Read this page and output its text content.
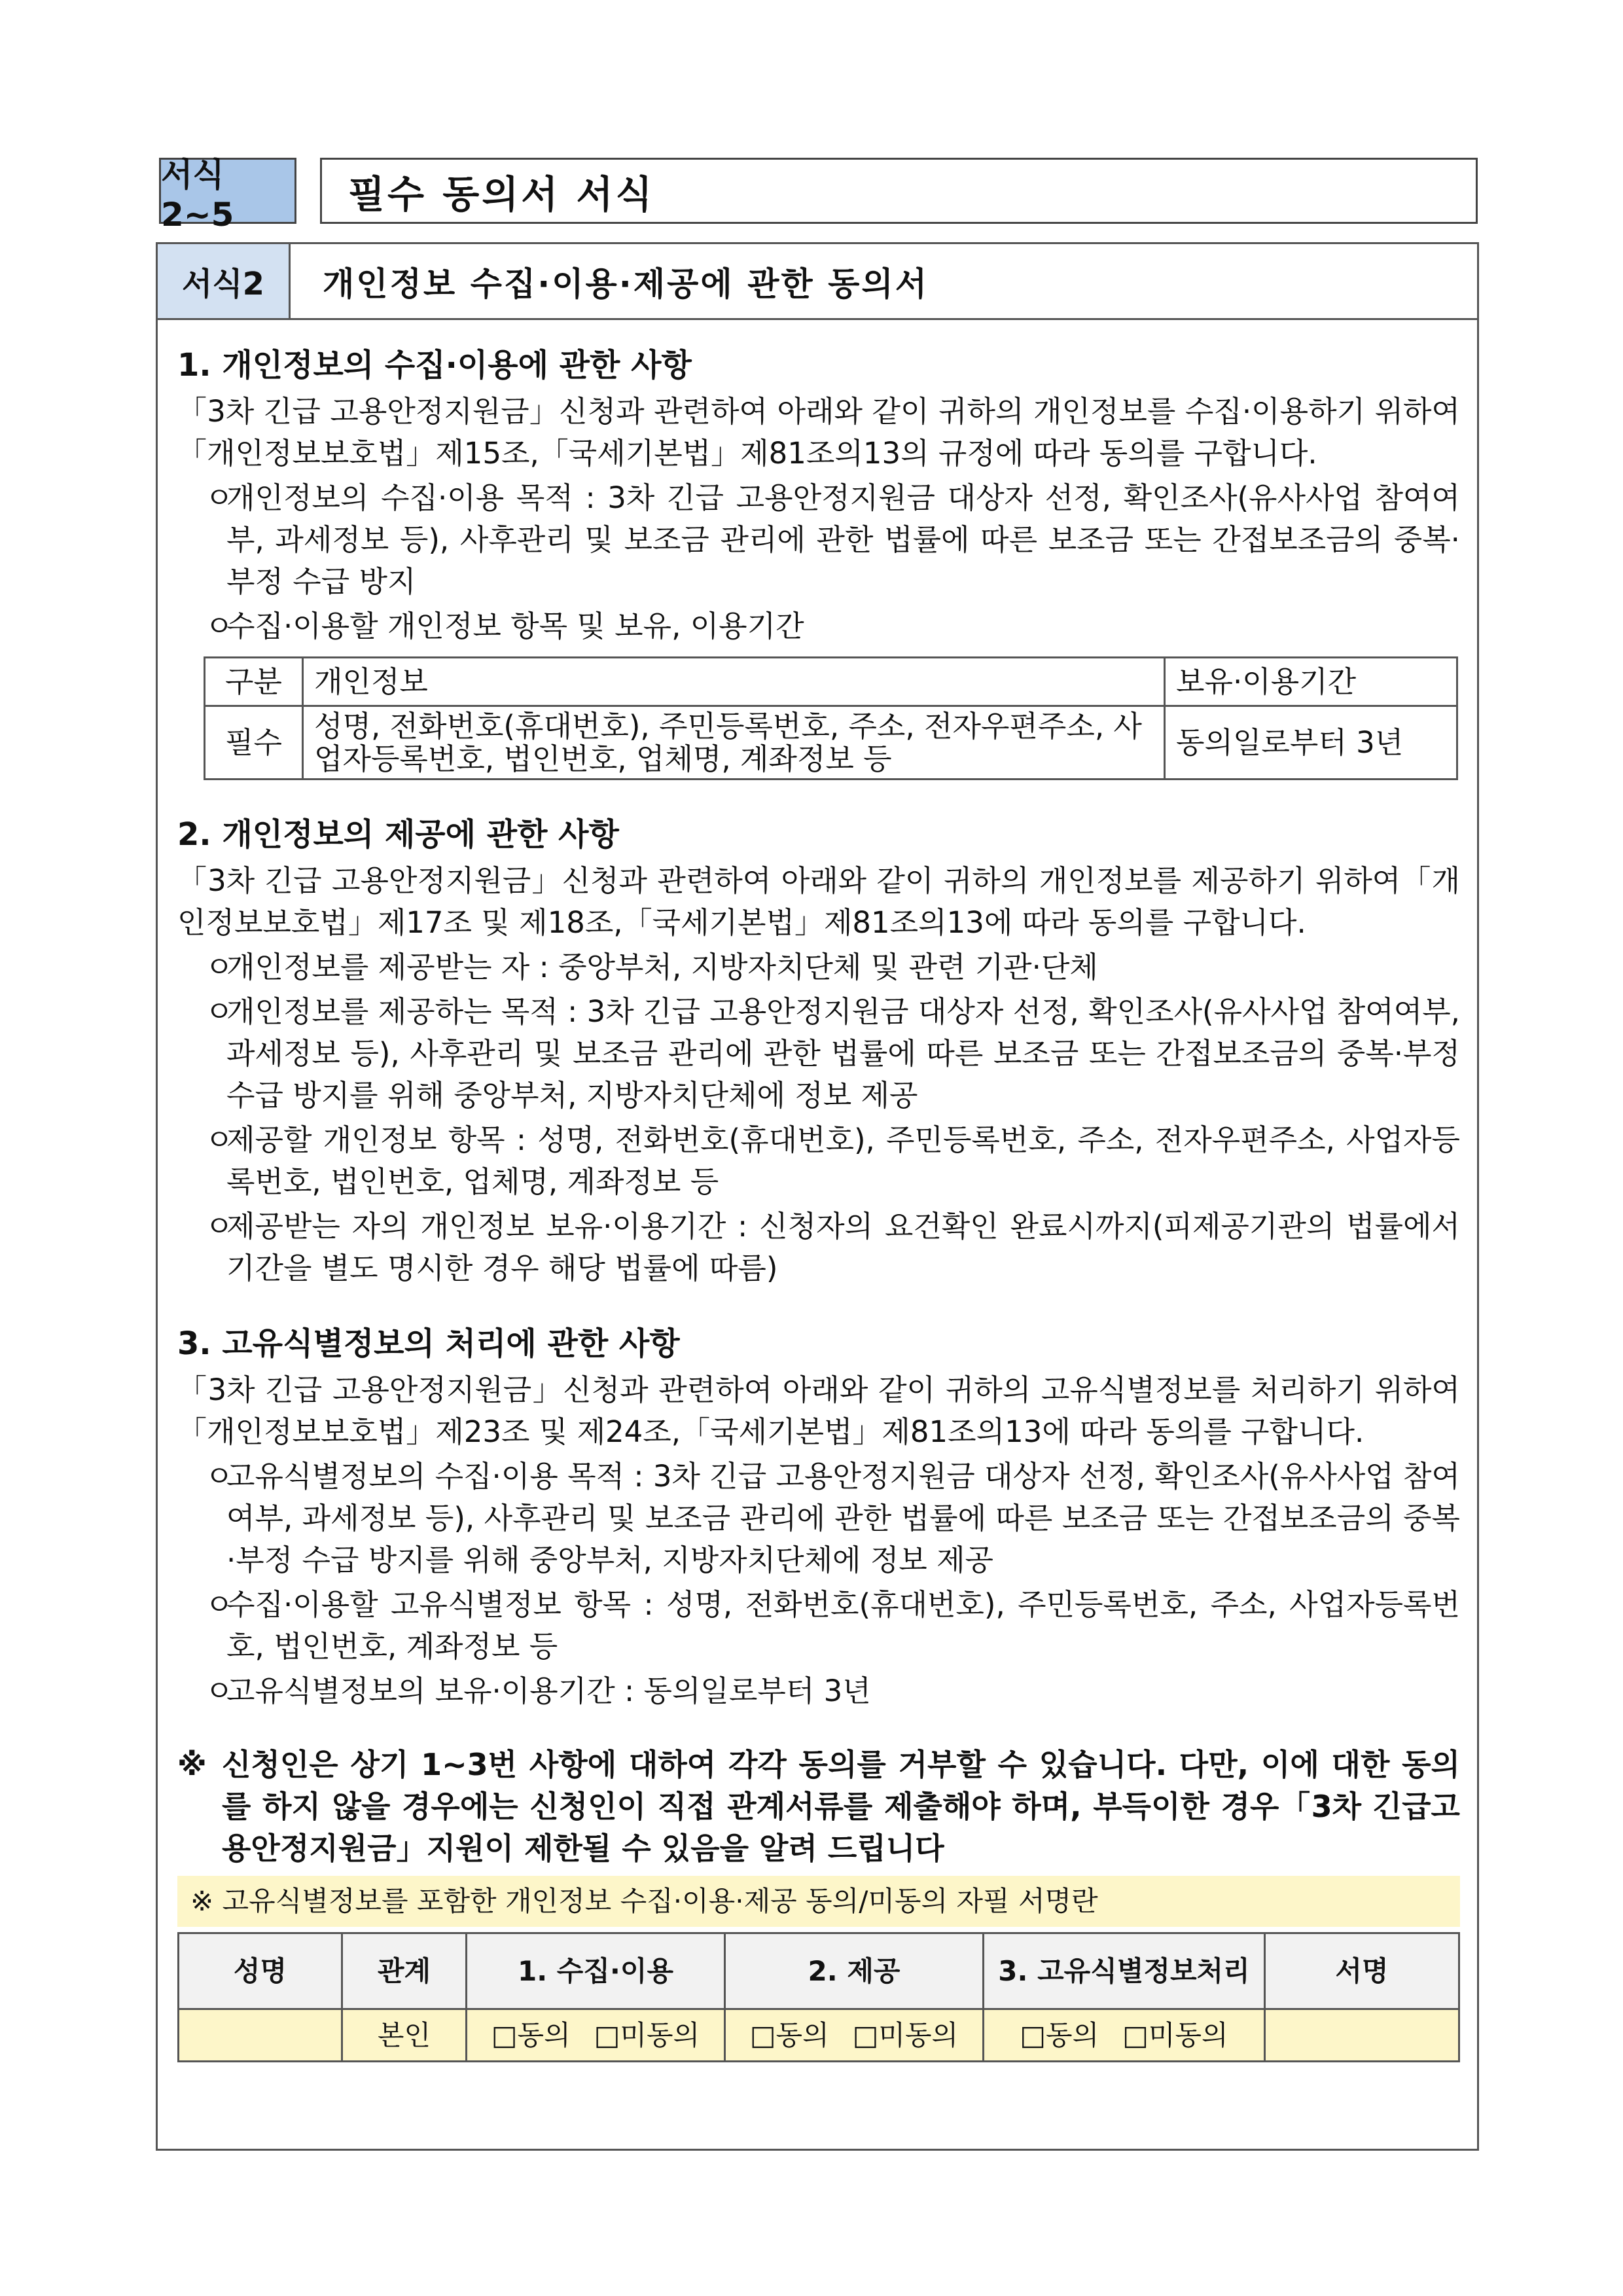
서식2~5	필수 동의서 서식
서식2	개인정보 수집·이용·제공에 관한 동의서
1. 개인정보의 수집·이용에 관한 사항
「3차 긴급 고용안정지원금」신청과 관련하여 아래와 같이 귀하의 개인정보를 수집·이용하기 위하여「개인정보보호법」제15조,「국세기본법」제81조의13의 규정에 따라 동의를 구합니다.
ㅇ
개인정보의 수집·이용 목적 : 3차 긴급 고용안정지원금 대상자 선정, 확인조사(유사사업 참여여부, 과세정보 등), 사후관리 및 보조금 관리에 관한 법률에 따른 보조금 또는 간접보조금의 중복·부정 수급 방지
ㅇ
수집·이용할 개인정보 항목 및 보유, 이용기간
구분	개인정보	보유·이용기간
필수	성명, 전화번호(휴대번호), 주민등록번호, 주소, 전자우편주소, 사업자등록번호, 법인번호, 업체명, 계좌정보 등	동의일로부터 3년
2. 개인정보의 제공에 관한 사항
「3차 긴급 고용안정지원금」신청과 관련하여 아래와 같이 귀하의 개인정보를 제공하기 위하여「개인정보보호법」제17조 및 제18조,「국세기본법」제81조의13에 따라 동의를 구합니다.
ㅇ
개인정보를 제공받는 자 : 중앙부처, 지방자치단체 및 관련 기관·단체
ㅇ
개인정보를 제공하는 목적 : 3차 긴급 고용안정지원금 대상자 선정, 확인조사(유사사업 참여여부, 과세정보 등), 사후관리 및 보조금 관리에 관한 법률에 따른 보조금 또는 간접보조금의 중복·부정 수급 방지를 위해 중앙부처, 지방자치단체에 정보 제공
ㅇ
제공할 개인정보 항목 : 성명, 전화번호(휴대번호), 주민등록번호, 주소, 전자우편주소, 사업자등록번호, 법인번호, 업체명, 계좌정보 등
ㅇ
제공받는 자의 개인정보 보유·이용기간 : 신청자의 요건확인 완료시까지(피제공기관의 법률에서 기간을 별도 명시한 경우 해당 법률에 따름)
3. 고유식별정보의 처리에 관한 사항
「3차 긴급 고용안정지원금」신청과 관련하여 아래와 같이 귀하의 고유식별정보를 처리하기 위하여「개인정보보호법」제23조 및 제24조,「국세기본법」제81조의13에 따라 동의를 구합니다.
ㅇ
고유식별정보의 수집·이용 목적 : 3차 긴급 고용안정지원금 대상자 선정, 확인조사(유사사업 참여여부, 과세정보 등), 사후관리 및 보조금 관리에 관한 법률에 따른 보조금 또는 간접보조금의 중복·부정 수급 방지를 위해 중앙부처, 지방자치단체에 정보 제공
ㅇ
수집·이용할 고유식별정보 항목 : 성명, 전화번호(휴대번호), 주민등록번호, 주소, 사업자등록번호, 법인번호, 계좌정보 등
ㅇ
고유식별정보의 보유·이용기간 : 동의일로부터 3년
※ 신청인은 상기 1~3번 사항에 대하여 각각 동의를 거부할 수 있습니다. 다만, 이에 대한 동의를 하지 않을 경우에는 신청인이 직접 관계서류를 제출해야 하며, 부득이한 경우「3차 긴급고용안정지원금」지원이 제한될 수 있음을 알려 드립니다
※ 고유식별정보를 포함한 개인정보 수집·이용·제공 동의/미동의 자필 서명란
성명	관계	1. 수집·이용	2. 제공	3. 고유식별정보처리	서명
	본인	□동의 □미동의	□동의 □미동의	□동의 □미동의	
